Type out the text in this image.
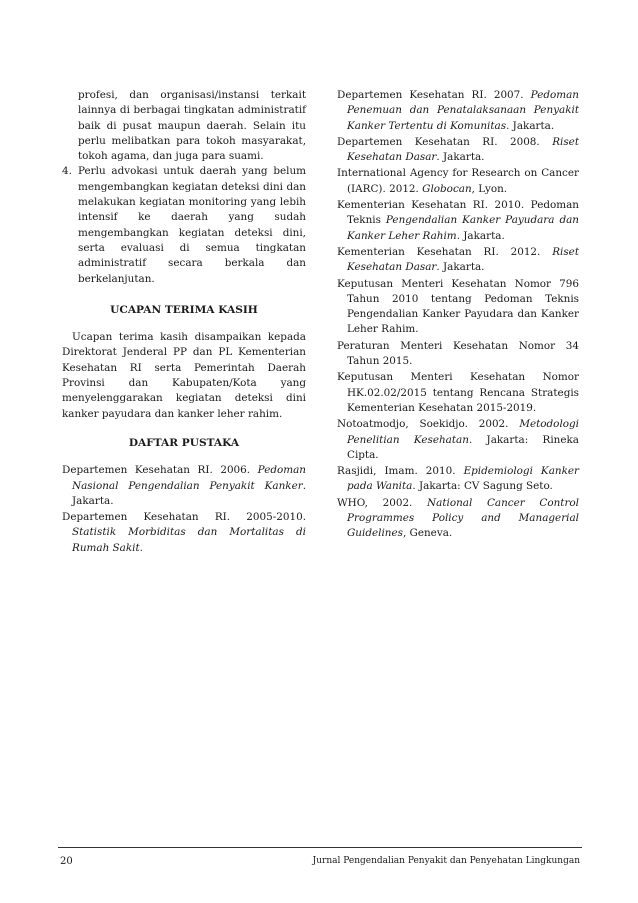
profesi, dan organisasi/instansi terkait lainnya di berbagai tingkatan administratif baik di pusat maupun daerah. Selain itu perlu melibatkan para tokoh masyarakat, tokoh agama, dan juga para suami.
4. Perlu advokasi untuk daerah yang belum mengembangkan kegiatan deteksi dini dan melakukan kegiatan monitoring yang lebih intensif ke daerah yang sudah mengembangkan kegiatan deteksi dini, serta evaluasi di semua tingkatan administratif secara berkala dan berkelanjutan.
UCAPAN TERIMA KASIH
Ucapan terima kasih disampaikan kepada Direktorat Jenderal PP dan PL Kementerian Kesehatan RI serta Pemerintah Daerah Provinsi dan Kabupaten/Kota yang menyelenggarakan kegiatan deteksi dini kanker payudara dan kanker leher rahim.
DAFTAR PUSTAKA
Departemen Kesehatan RI. 2006. Pedoman Nasional Pengendalian Penyakit Kanker. Jakarta.
Departemen Kesehatan RI. 2005-2010. Statistik Morbiditas dan Mortalitas di Rumah Sakit.
Departemen Kesehatan RI. 2007. Pedoman Penemuan dan Penatalaksanaan Penyakit Kanker Tertentu di Komunitas. Jakarta.
Departemen Kesehatan RI. 2008. Riset Kesehatan Dasar. Jakarta.
International Agency for Research on Cancer (IARC). 2012. Globocan, Lyon.
Kementerian Kesehatan RI. 2010. Pedoman Teknis Pengendalian Kanker Payudara dan Kanker Leher Rahim. Jakarta.
Kementerian Kesehatan RI. 2012. Riset Kesehatan Dasar. Jakarta.
Keputusan Menteri Kesehatan Nomor 796 Tahun 2010 tentang Pedoman Teknis Pengendalian Kanker Payudara dan Kanker Leher Rahim.
Peraturan Menteri Kesehatan Nomor 34 Tahun 2015.
Keputusan Menteri Kesehatan Nomor HK.02.02/2015 tentang Rencana Strategis Kementerian Kesehatan 2015-2019.
Notoatmodjo, Soekidjo. 2002. Metodologi Penelitian Kesehatan. Jakarta: Rineka Cipta.
Rasjidi, Imam. 2010. Epidemiologi Kanker pada Wanita. Jakarta: CV Sagung Seto.
WHO, 2002. National Cancer Control Programmes Policy and Managerial Guidelines, Geneva.
20	Jurnal Pengendalian Penyakit dan Penyehatan Lingkungan
